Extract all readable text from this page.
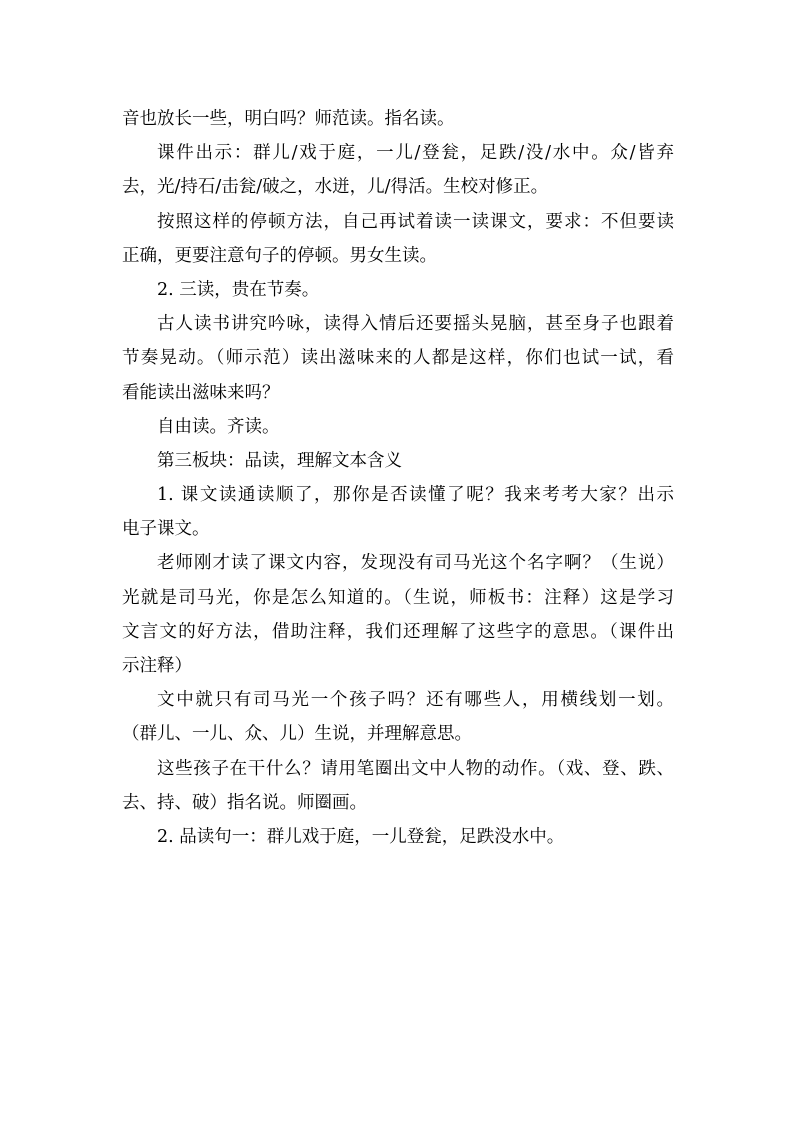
音也放长一些，明白吗？师范读。指名读。

课件出示：群儿/戏于庭，一儿/登瓮，足跌/没/水中。众/皆弃

去，光/持石/击瓮/破之，水迸，儿/得活。生校对修正。

按照这样的停顿方法，自己再试着读一读课文，要求：不但要读

正确，更要注意句子的停顿。男女生读。

2. 三读，贵在节奏。

古人读书讲究吟咏，读得入情后还要摇头晃脑，甚至身子也跟着

节奏晃动。（师示范）读出滋味来的人都是这样，你们也试一试，看

看能读出滋味来吗？

自由读。齐读。

第三板块：品读，理解文本含义

1. 课文读通读顺了，那你是否读懂了呢？我来考考大家？出示

电子课文。

老师刚才读了课文内容，发现没有司马光这个名字啊？（生说）

光就是司马光，你是怎么知道的。（生说，师板书：注释）这是学习

文言文的好方法，借助注释，我们还理解了这些字的意思。（课件出

示注释）

文中就只有司马光一个孩子吗？还有哪些人，用横线划一划。

（群儿、一儿、众、儿）生说，并理解意思。

这些孩子在干什么？请用笔圈出文中人物的动作。（戏、登、跌、

去、持、破）指名说。师圈画。

2. 品读句一：群儿戏于庭，一儿登瓮，足跌没水中。
